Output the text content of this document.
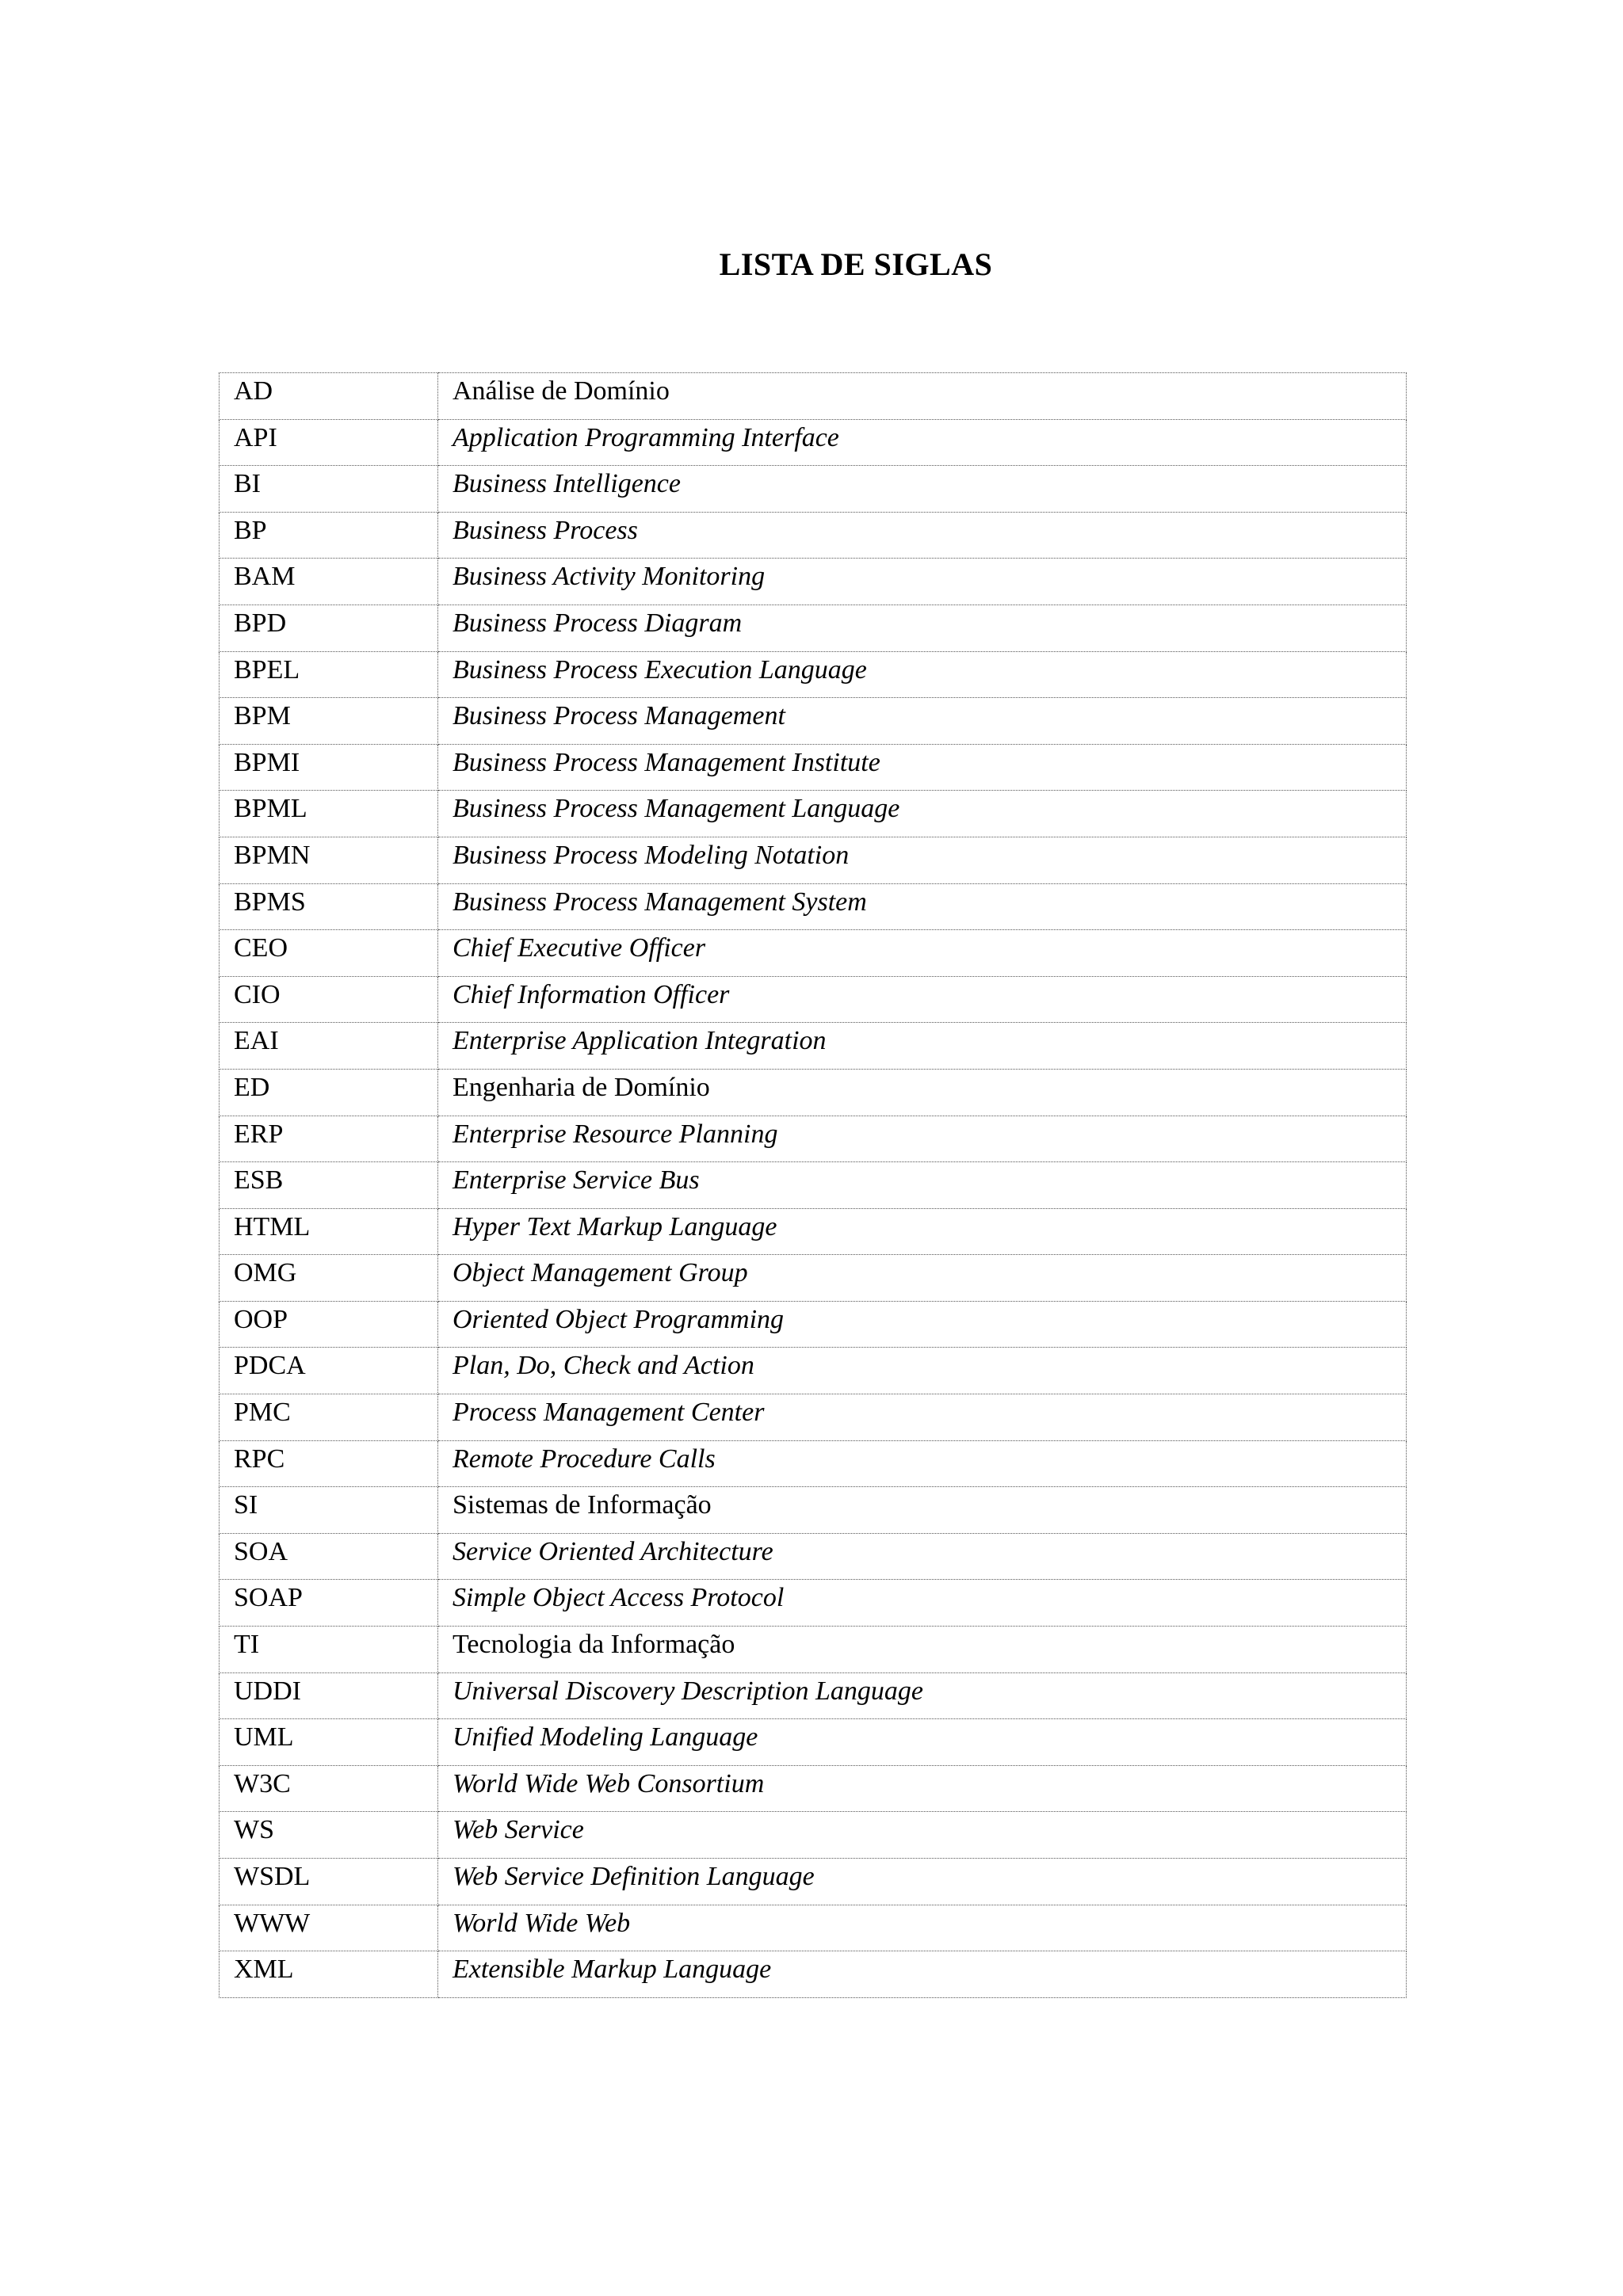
LISTA DE SIGLAS
AD	Análise de Domínio
API	Application Programming Interface
BI	Business Intelligence
BP	Business Process
BAM	Business Activity Monitoring
BPD	Business Process Diagram
BPEL	Business Process Execution Language
BPM	Business Process Management
BPMI	Business Process Management Institute
BPML	Business Process Management Language
BPMN	Business Process Modeling Notation
BPMS	Business Process Management System
CEO	Chief Executive Officer
CIO	Chief Information Officer
EAI	Enterprise Application Integration
ED	Engenharia de Domínio
ERP	Enterprise Resource Planning
ESB	Enterprise Service Bus
HTML	Hyper Text Markup Language
OMG	Object Management Group
OOP	Oriented Object Programming
PDCA	Plan, Do, Check and Action
PMC	Process Management Center
RPC	Remote Procedure Calls
SI	Sistemas de Informação
SOA	Service Oriented Architecture
SOAP	Simple Object Access Protocol
TI	Tecnologia da Informação
UDDI	Universal Discovery Description Language
UML	Unified Modeling Language
W3C	World Wide Web Consortium
WS	Web Service
WSDL	Web Service Definition Language
WWW	World Wide Web
XML	Extensible Markup Language
